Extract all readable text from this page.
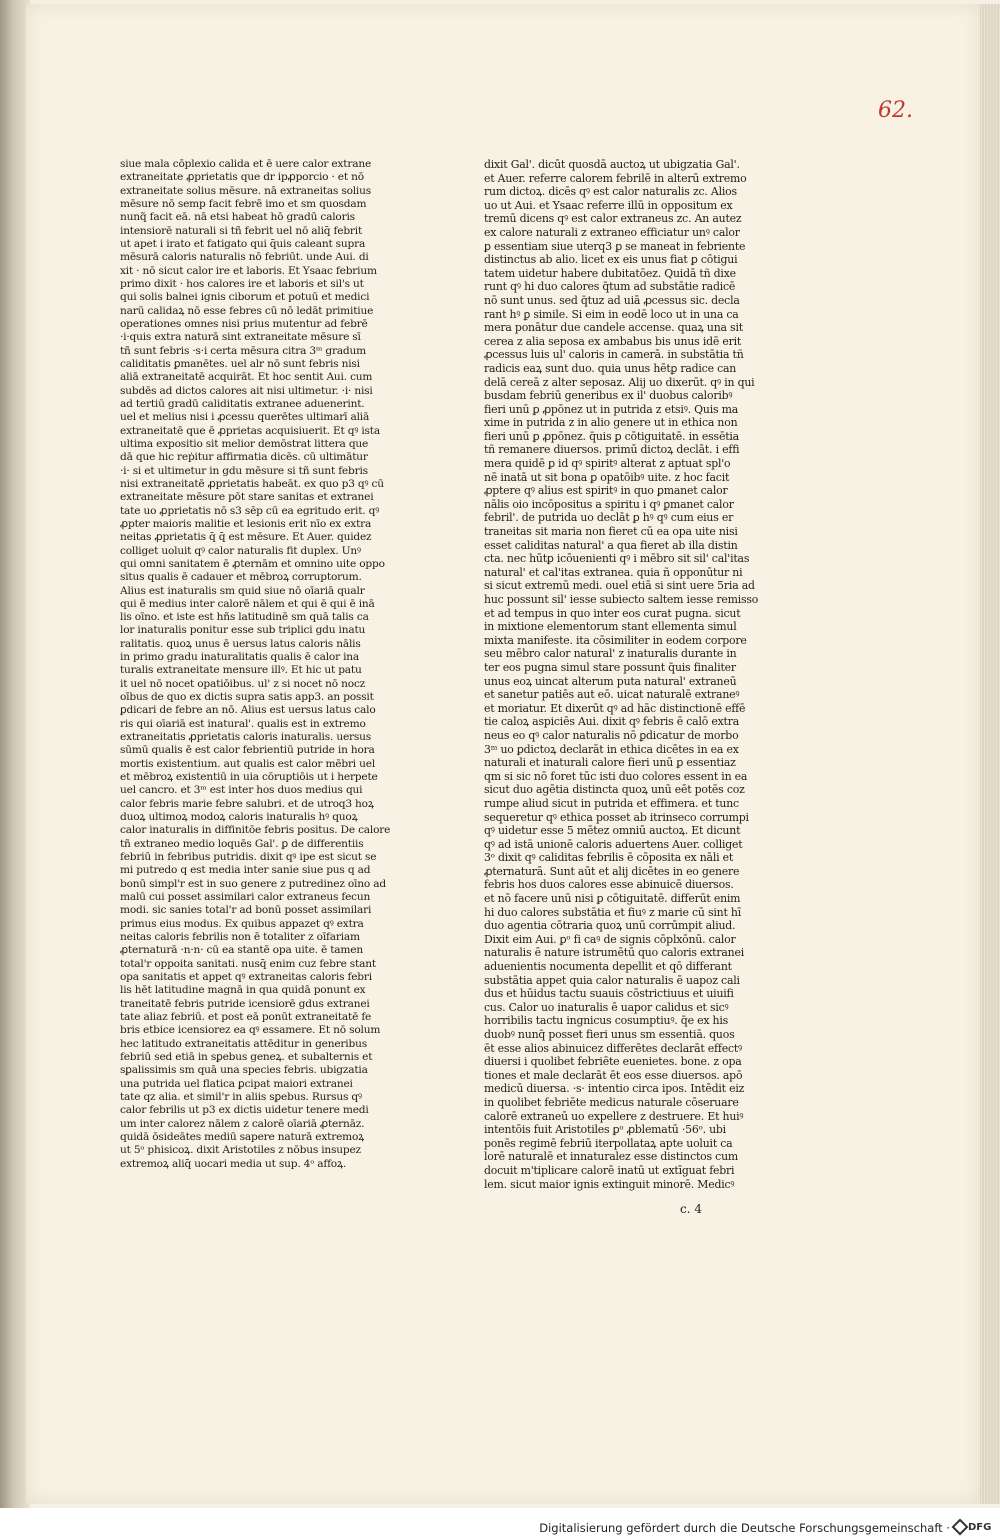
62.
siue mala cōplexio calida et ē uere calor extrane
extraneitate ꝓprietatis que dr ipꝓporcio · et nō
extraneitate solius mēsure. nā extraneitas solius
mēsure nō semp facit febrē imo et sm quosdam
nunq̃ facit eā. nā etsi habeat hō gradū caloris
intensiorē naturali si tñ febrit uel nō aliq̄ febrit
ut apet i irato et fatigato qui q̄uis caleant supra
mēsurā caloris naturalis nō febriūt. unde Aui. di
xit · nō sicut calor ire et laboris. Et Ysaac febrium
primo dixit · hos calores ire et laboris et sil's ut
qui solis balnei ignis ciborum et potuū et medici
narū calidaꝝ nō esse febres cū nō ledāt primitiue
operationes omnes nisi prius mutentur ad febrē
·i·quis extra naturā sint extraneitate mēsure sī
tñ sunt febris ·s·i certa mēsura citra 3ᵐ gradum
caliditatis ꝑmanētes. uel alr nō sunt febris nisi
aliā extraneitatē acquirāt. Et hoc sentit Aui. cum
subdēs ad dictos calores ait nisi ultimetur. ·i· nisi
ad tertiū gradū caliditatis extranee aduenerint.
uel et melius nisi i ꝓcessu querētes ultimarī aliā
extraneitatē que ē ꝓprietas acquisiuerit. Et qꝰ ista
ultima expositio sit melior demōstrat littera que
dā que hic reṗitur affirmatia dicēs. cū ultimātur
·i· si et ultimetur in gdu mēsure si tñ sunt febris
nisi extraneitatē ꝓprietatis habeāt. ex quo p3 qꝰ cū
extraneitate mēsure pōt stare sanitas et extranei
tate uo ꝓprietatis nō s3 sēp cū ea egritudo erit. qꝰ
ꝓpter maioris malitie et lesionis erit nīo ex extra
neitas ꝓprietatis q̄ q̄ est mēsure. Et Auer. quidez
colliget uoluit qꝰ calor naturalis fit duplex. Unꝰ
qui omni sanitatem ē ꝓternām et omnino uite oppo
situs qualis ē cadauer et mēbroꝝ corruptorum.
Alius est inaturalis sm quid siue nō oīariā qualr
qui ē medius inter calorē nālem et qui ē qui ē inā
lis oīno. et iste est hñs latitudinē sm quā talis ca
lor inaturalis ponitur esse sub triplici gdu inatu
ralitatis. quoꝝ unus ē uersus latus caloris nālis
in primo gradu inaturalitatis qualis ē calor ina
turalis extraneitate mensure illꝰ. Et hic ut patu
it uel nō nocet opatiōibus. ul' z si nocet nō nocz
oībus de quo ex dictis supra satis app3. an possit
ꝑdicari de febre an nō. Alius est uersus latus calo
ris qui oīariā est inatural'. qualis est in extremo
extraneitatis ꝓprietatis caloris inaturalis. uersus
sūmū qualis ē est calor febrientiū putride in hora
mortis existentium. aut qualis est calor mēbri uel
et mēbroꝝ existentiū in uia cōruptiōis ut i herpete
uel cancro. et 3ᵐ est inter hos duos medius qui
calor febris marie febre salubri. et de utroq3 hoꝝ
duoꝝ ultimoꝝ modoꝝ caloris inaturalis hꝰ quoꝝ
calor inaturalis in diffinitōe febris positus. De calore
tñ extraneo medio loquēs Gal'. ꝑ de differentiis
febriū in febribus putridis. dixit qꝰ ipe est sicut se
mi putredo q est media inter sanie siue pus q ad
bonū simpl'r est in suo genere z putredinez oīno ad
malū cui posset assimilari calor extraneus fecun
modi. sic sanies total'r ad bonū posset assimilari
primus eius modus. Ex quibus appazet qꝰ extra
neitas caloris febrilis non ē totaliter z oīfariam
ꝓternaturā ·n·n· cū ea stantē opa uite. ē tamen
total'r oppoita sanitati. nusq̄ enim cuz febre stant
opa sanitatis et appet qꝰ extraneitas caloris febri
lis hēt latitudine magnā in qua quidā ponunt ex
traneitatē febris putride icensiorē gdus extranei
tate aliaz febriū. et post eā ponūt extraneitatē fe
bris etbice icensiorez ea qꝰ essamere. Et nō solum
hec latitudo extraneitatis attēditur in generibus
febriū sed etiā in sꝑebus geneꝝ. et subalternis et
sꝑalissimis sm quā una species febris. ubigzatia
una putrida uel flatica ꝑcipat maiori extranei
tate qz alia. et simil'r in aliis sꝑebus. Rursus qꝰ
calor febrilis ut p3 ex dictis uidetur tenere medi
um inter calorez nālem z calorē oīariā ꝓternāz.
quidā ōsideātes mediū sapere naturā extremoꝝ
ut 5ᵒ phisicoꝝ. dixit Aristotiles z nōbus insupez
extremoꝝ aliq̄ uocari media ut sup. 4ᵒ affoꝝ.
dixit Gal'. dicūt quosdā auctoꝝ ut ubigzatia Gal'.
et Auer. referre calorem febrilē in alterū extremo
rum dictoꝝ. dicēs qꝰ est calor naturalis zc. Alios
uo ut Aui. et Ysaac referre illū in oppositum ex
tremū dicens qꝰ est calor extraneus zc. An autez
ex calore naturali z extraneo efficiatur unꝰ calor
ꝑ essentiam siue uterq3 ꝑ se maneat in febriente
distinctus ab alio. licet ex eis unus fiat ꝑ cōtigui
tatem uidetur habere dubitatōez. Quidā tñ dixe
runt qꝰ hi duo calores q̄tum ad substātie radicē
nō sunt unus. sed q̄tuz ad uiā ꝓcessus sic. decla
rant hꝰ ꝑ simile. Si eim in eodē loco ut in una ca
mera ponātur due candele accense. quaꝝ una sit
cerea z alia seposa ex ambabus bis unus idē erit
ꝓcessus luis ul' caloris in camerā. in substātia tñ
radicis eaꝝ sunt duo. quia unus hētꝑ radice can
delā cereā z alter seposaz. Alij uo dixerūt. qꝰ in qui
busdam febriū generibus ex il' duobus caloribꝰ
fieri unū ꝑ ꝓpōnez ut in putrida z etsiꝰ. Quis ma
xime in putrida z in alio genere ut in ethica non
fieri unū ꝑ ꝓpōnez. q̄uis ꝑ cōtiguitatē. in essētia
tñ remanere diuersos. primū dictoꝝ declāt. i effi
mera quidē ꝑ id qꝰ spiritꝰ alterat z aptuat spl'o
nē inatā ut sit bona ꝑ opatōibꝰ uite. z hoc facit
ꝓptere qꝰ alius est spiritꝰ in quo ꝑmanet calor
nālis oio incōpositus a spiritu i qꝰ ꝑmanet calor
febril'. de putrida uo declāt ꝑ hꝰ qꝰ cum eius er
traneitas sit maria non fieret cū ea opa uite nisi
esset caliditas natural' a qua fieret ab illa distin
cta. nec hūtꝑ icōuenienti qꝰ i mēbro sit sil' cal'itas
natural' et cal'itas extranea. quia ñ opponūtur ni
si sicut extremū medi. ouel etiā si sint uere 5ria ad
huc possunt sil' iesse subiecto saltem iesse remisso
et ad tempus in quo inter eos curat pugna. sicut
in mixtione elementorum stant ellementa simul
mixta manifeste. ita cōsimiliter in eodem corpore
seu mēbro calor natural' z inaturalis durante in
ter eos pugna simul stare possunt q̄uis finaliter
unus eoꝝ uincat alterum puta natural' extraneū
et sanetur patiēs aut eō. uicat naturalē extraneꝰ
et moriatur. Et dixerūt qꝰ ad hāc distinctionē effē
tie caloꝝ aspiciēs Aui. dixit qꝰ febris ē calō extra
neus eo qꝰ calor naturalis nō ꝑdicatur de morbo
3ᵐ uo ꝑdictoꝝ declarāt in ethica dicētes in ea ex
naturali et inaturali calore fieri unū ꝑ essentiaz
qm si sic nō foret tūc isti duo colores essent in ea
sicut duo agētia distincta quoꝝ unū eēt potēs coz
rumpe aliud sicut in putrida et effimera. et tunc
sequeretur qꝰ ethica posset ab itrinseco corrumpi
qꝰ uidetur esse 5 mētez omniū auctoꝝ. Et dicunt
qꝰ ad istā unionē caloris aduertens Auer. colliget
3ᵒ dixit qꝰ caliditas febrilis ē cōposita ex nāli et
ꝓternaturā. Sunt aūt et alij dicētes in eo genere
febris hos duos calores esse abinuicē diuersos.
et nō facere unū nisi ꝑ cōtiguitatē. differūt enim
hi duo calores substātia et fiuꝰ z marie cū sint hī
duo agentia cōtraria quoꝝ unū corrūmpit aliud.
Dixit eim Aui. ꝑᵒ fi caꝰ de signis cōplxōnū. calor
naturalis ē nature istrumētū quo caloris extranei
aduenientis nocumenta depellit et qō differant
substātia appet quia calor naturalis ē uapoz cali
dus et hūidus tactu suauis cōstrictiuus et uiuifi
cus. Calor uo inaturalis ē uapor calidus et sicꝰ
horribilis tactu ingnicus cosumptiuꝰ. q̄e ex his
duobꝰ nunq̄ posset fieri unus sm essentiā. quos
ēt esse alios abinuicez differētes declarāt effectꝰ
diuersi i quolibet febriēte euenietes. bone. z opa
tiones et male declarāt ēt eos esse diuersos. apō
medicū diuersa. ·s· intentio circa ipos. Intēdit eiz
in quolibet febriēte medicus naturale cōseruare
calorē extraneū uo expellere z destruere. Et huiꝰ
intentōis fuit Aristotiles ꝑᵒ ꝓblematū ·56ᵒ. ubi
ponēs regimē febriū iterpollataꝝ apte uoluit ca
lorē naturalē et innaturalez esse distinctos cum
docuit m'tiplicare calorē inatū ut extīguat febri
lem. sicut maior ignis extinguit minorē. Medicꝰ
c. 4
Digitalisierung gefördert durch die Deutsche Forschungsgemeinschaft · DFG
